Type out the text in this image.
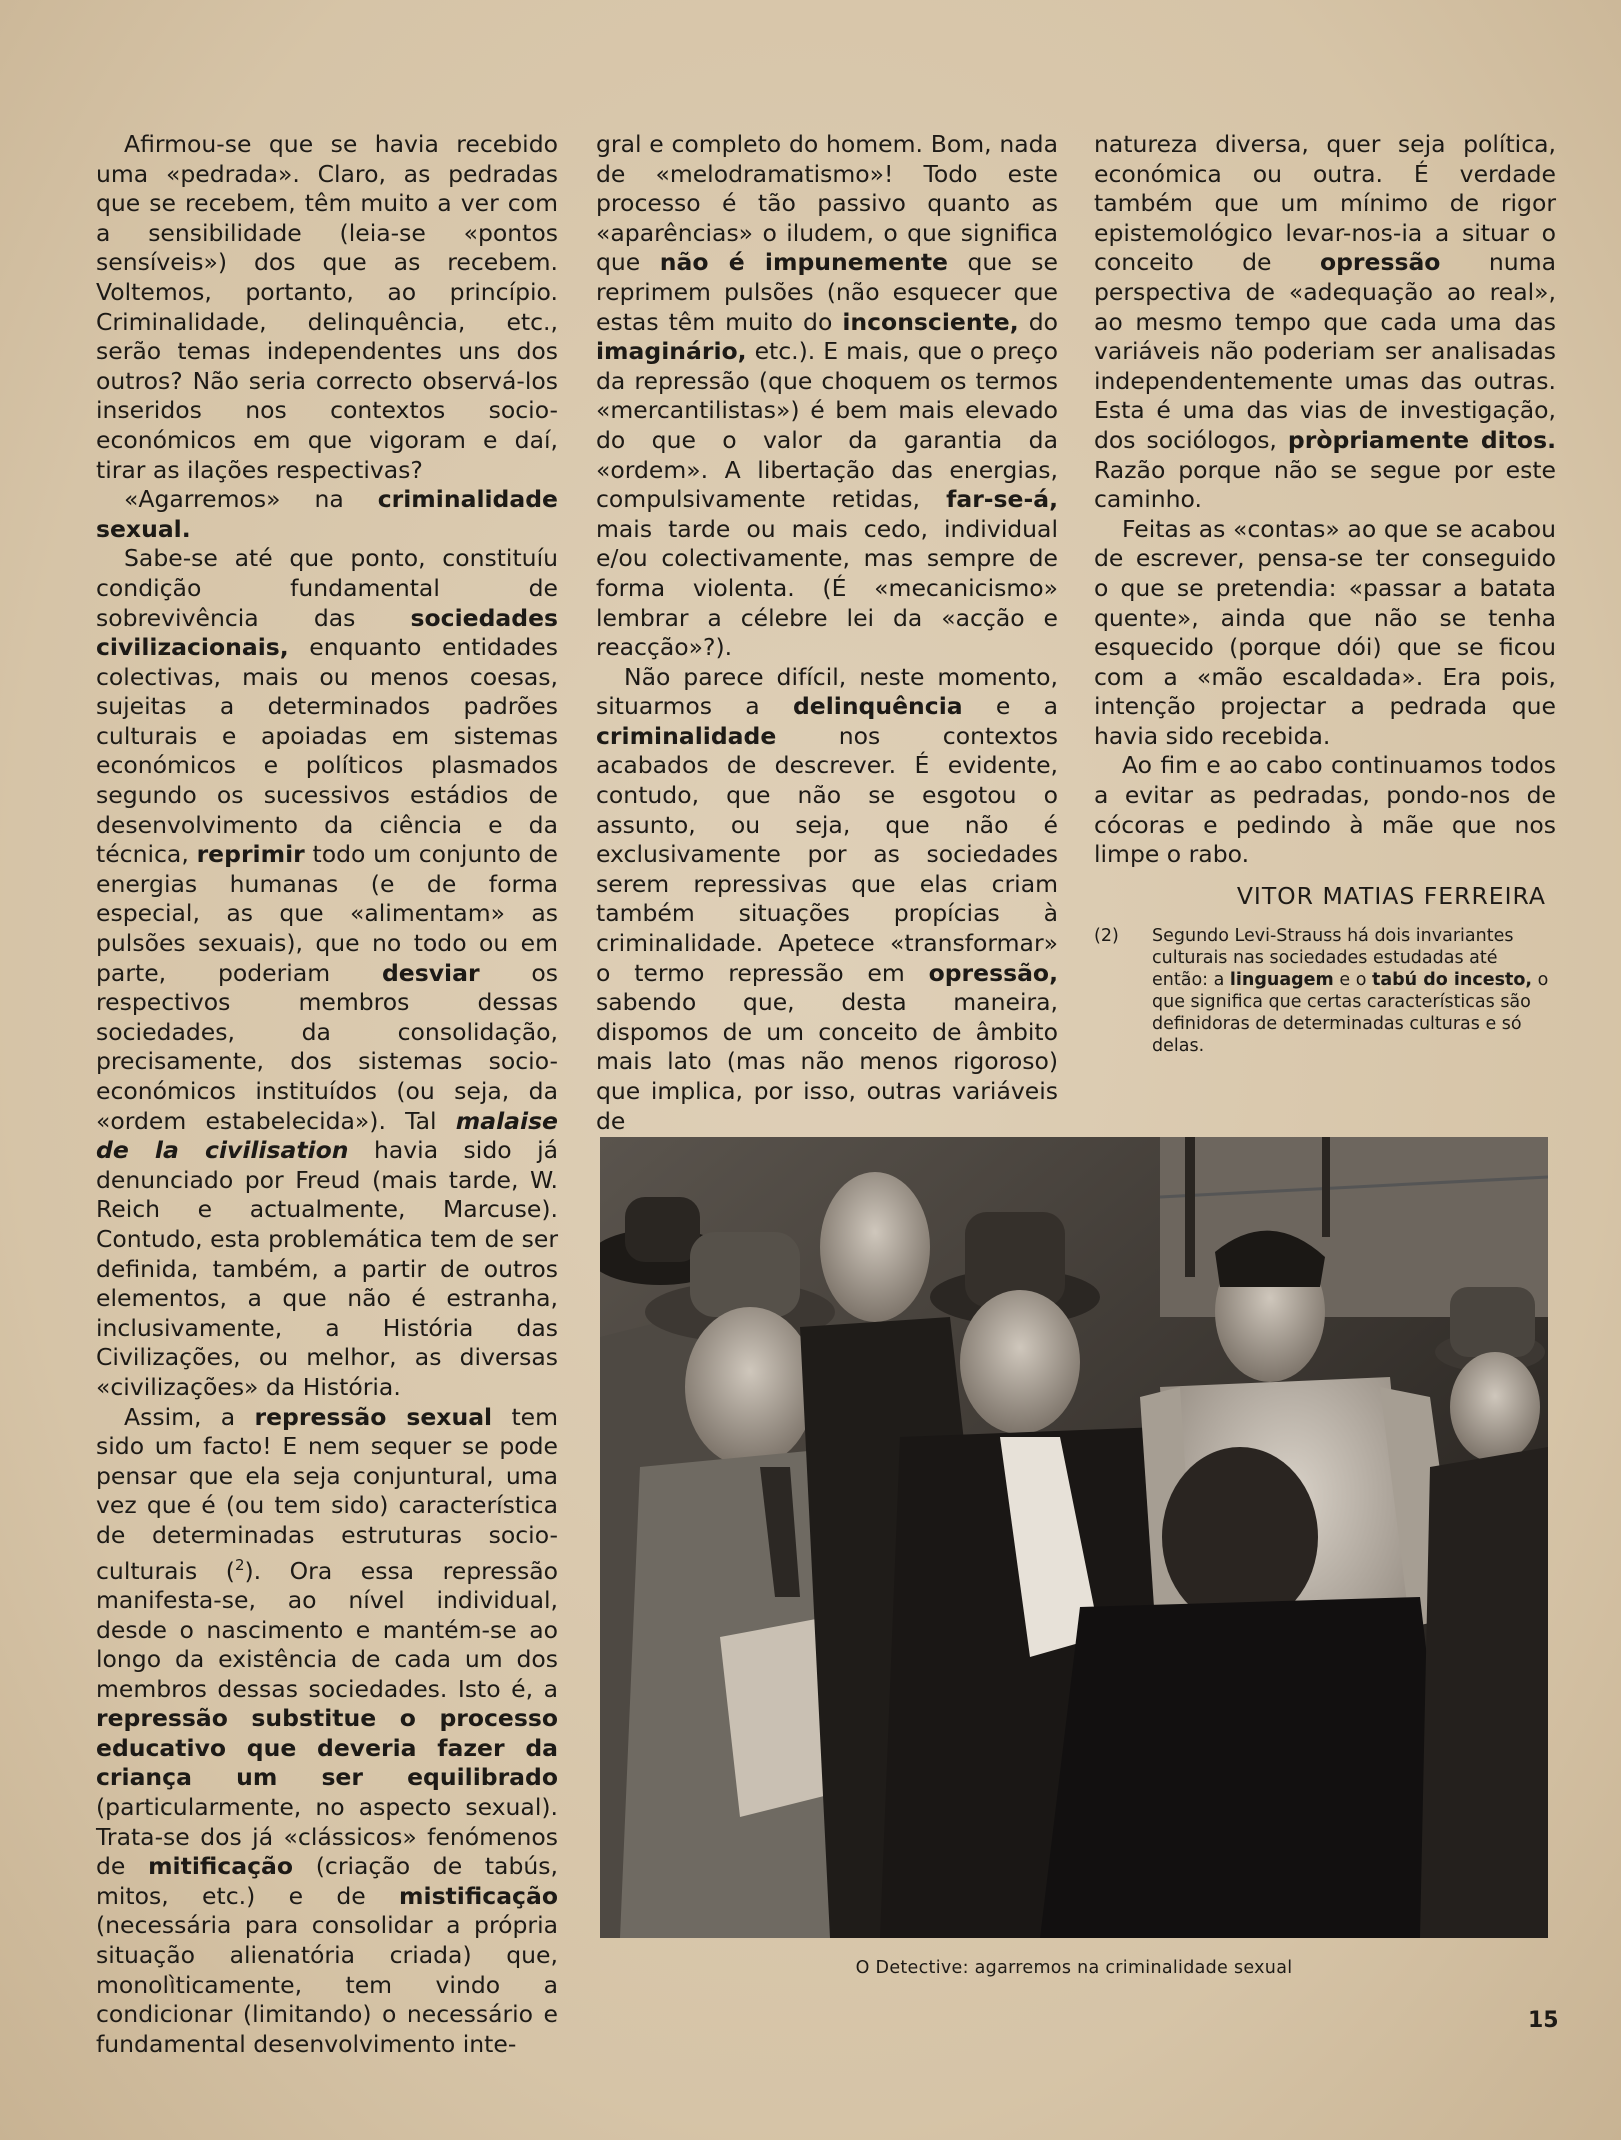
Afirmou-se que se havia recebido uma «pedrada». Claro, as pedradas que se recebem, têm muito a ver com a sensibilidade (leia-se «pontos sensíveis») dos que as recebem. Voltemos, portanto, ao princípio. Criminalidade, delinquência, etc., serão temas independentes uns dos outros? Não seria correcto observá-los inseridos nos contextos socio-económicos em que vigoram e daí, tirar as ilações respectivas?

«Agarremos» na criminalidade sexual.

Sabe-se até que ponto, constituíu condição fundamental de sobrevivência das sociedades civilizacionais, enquanto entidades colectivas, mais ou menos coesas, sujeitas a determinados padrões culturais e apoiadas em sistemas económicos e políticos plasmados segundo os sucessivos estádios de desenvolvimento da ciência e da técnica, reprimir todo um conjunto de energias humanas (e de forma especial, as que «alimentam» as pulsões sexuais), que no todo ou em parte, poderiam desviar os respectivos membros dessas sociedades, da consolidação, precisamente, dos sistemas socio-económicos instituídos (ou seja, da «ordem estabelecida»). Tal malaise de la civilisation havia sido já denunciado por Freud (mais tarde, W. Reich e actualmente, Marcuse). Contudo, esta problemática tem de ser definida, também, a partir de outros elementos, a que não é estranha, inclusivamente, a História das Civilizações, ou melhor, as diversas «civilizações» da História.

Assim, a repressão sexual tem sido um facto! E nem sequer se pode pensar que ela seja conjuntural, uma vez que é (ou tem sido) característica de determinadas estruturas socio-culturais ($^2$). Ora essa repressão manifesta-se, ao nível individual, desde o nascimento e mantém-se ao longo da existência de cada um dos membros dessas sociedades. Isto é, a repressão substitue o processo educativo que deveria fazer da criança um ser equilibrado (particularmente, no aspecto sexual). Trata-se dos já «clássicos» fenómenos de mitificação (criação de tabús, mitos, etc.) e de mistificação (necessária para consolidar a própria situação alienatória criada) que, monolìticamente, tem vindo a condicionar (limitando) o necessário e fundamental desenvolvimento inte-

gral e completo do homem. Bom, nada de «melodramatismo»! Todo este processo é tão passivo quanto as «aparências» o iludem, o que significa que não é impunemente que se reprimem pulsões (não esquecer que estas têm muito do inconsciente, do imaginário, etc.). E mais, que o preço da repressão (que choquem os termos «mercantilistas») é bem mais elevado do que o valor da garantia da «ordem». A libertação das energias, compulsivamente retidas, far-se-á, mais tarde ou mais cedo, individual e/ou colectivamente, mas sempre de forma violenta. (É «mecanicismo» lembrar a célebre lei da «acção e reacção»?).

Não parece difícil, neste momento, situarmos a delinquência e a criminalidade nos contextos acabados de descrever. É evidente, contudo, que não se esgotou o assunto, ou seja, que não é exclusivamente por as sociedades serem repressivas que elas criam também situações propícias à criminalidade. Apetece «transformar» o termo repressão em opressão, sabendo que, desta maneira, dispomos de um conceito de âmbito mais lato (mas não menos rigoroso) que implica, por isso, outras variáveis de

natureza diversa, quer seja política, económica ou outra. É verdade também que um mínimo de rigor epistemológico levar-nos-ia a situar o conceito de opressão numa perspectiva de «adequação ao real», ao mesmo tempo que cada uma das variáveis não poderiam ser analisadas independentemente umas das outras. Esta é uma das vias de investigação, dos sociólogos, pròpriamente ditos. Razão porque não se segue por este caminho.

Feitas as «contas» ao que se acabou de escrever, pensa-se ter conseguido o que se pretendia: «passar a batata quente», ainda que não se tenha esquecido (porque dói) que se ficou com a «mão escaldada». Era pois, intenção projectar a pedrada que havia sido recebida.

Ao fim e ao cabo continuamos todos a evitar as pedradas, pondo-nos de cócoras e pedindo à mãe que nos limpe o rabo.

VITOR MATIAS FERREIRA

(2)	Segundo Levi-Strauss há dois invariantes culturais nas sociedades estudadas até então: a linguagem e o tabú do incesto, o que significa que certas características são definidoras de determinadas culturas e só delas.
O Detective: agarremos na criminalidade sexual
15
